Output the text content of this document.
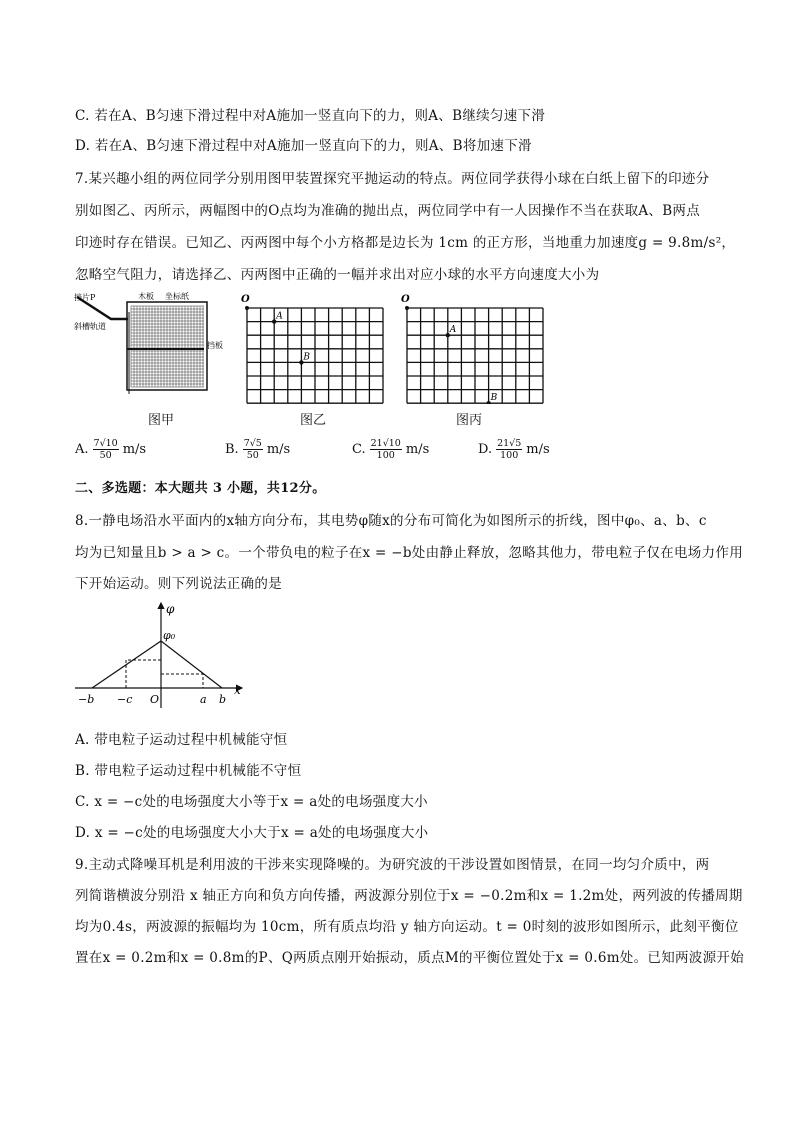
C. 若在A、B匀速下滑过程中对A施加一竖直向下的力，则A、B继续匀速下滑
D. 若在A、B匀速下滑过程中对A施加一竖直向下的力，则A、B将加速下滑
7.某兴趣小组的两位同学分别用图甲装置探究平抛运动的特点。两位同学获得小球在白纸上留下的印迹分
别如图乙、丙所示，两幅图中的O点均为准确的抛出点，两位同学中有一人因操作不当在获取A、B两点
印迹时存在错误。已知乙、丙两图中每个小方格都是边长为 1cm 的正方形，当地重力加速度g = 9.8m/s²，
忽略空气阻力，请选择乙、丙两图中正确的一幅并求出对应小球的水平方向速度大小为
挡片P	木板 坐标纸
斜槽轨道
挡板
O
A
B
O
A
B
图甲	图乙	图丙
A. $\frac{7√10}{50} m/s$	B. $\frac{7√5}{50} m/s$	C. $\frac{21√10}{100} m/s$	D. $\frac{21√5}{100} m/s$
二、多选题：本大题共 3 小题，共12分。
8.一静电场沿水平面内的x轴方向分布，其电势φ随x的分布可简化为如图所示的折线，图中φ₀、a、b、c
均为已知量且b > a > c。一个带负电的粒子在x = −b处由静止释放，忽略其他力，带电粒子仅在电场力作用
下开始运动。则下列说法正确的是
φ
x
φ₀
−b −c O	a b
A. 带电粒子运动过程中机械能守恒
B. 带电粒子运动过程中机械能不守恒
C. x = −c处的电场强度大小等于x = a处的电场强度大小
D. x = −c处的电场强度大小大于x = a处的电场强度大小
9.主动式降噪耳机是利用波的干涉来实现降噪的。为研究波的干涉设置如图情景，在同一均匀介质中，两
列简谐横波分别沿 x 轴正方向和负方向传播，两波源分别位于x = −0.2m和x = 1.2m处，两列波的传播周期
均为0.4s，两波源的振幅均为 10cm，所有质点均沿 y 轴方向运动。t = 0时刻的波形如图所示，此刻平衡位
置在x = 0.2m和x = 0.8m的P、Q两质点刚开始振动，质点M的平衡位置处于x = 0.6m处。已知两波源开始
